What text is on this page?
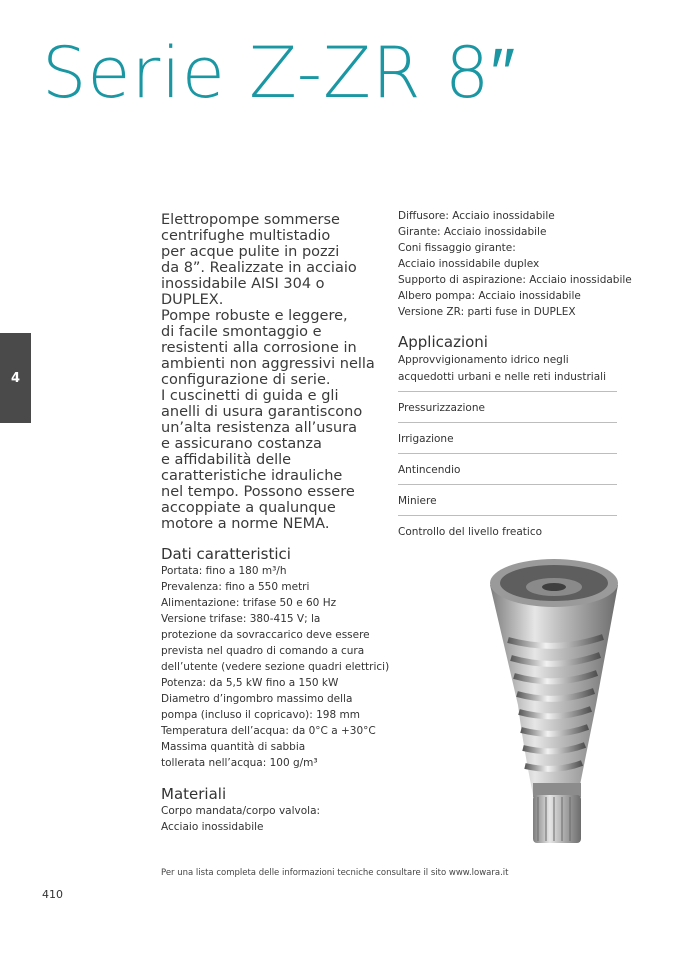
Serie Z-ZR 8″
4
Elettropompe sommerse
centrifughe multistadio
per acque pulite in pozzi
da 8”. Realizzate in acciaio
inossidabile AISI 304 o
DUPLEX.
Pompe robuste e leggere,
di facile smontaggio e
resistenti alla corrosione in
ambienti non aggressivi nella
configurazione di serie.
I cuscinetti di guida e gli
anelli di usura garantiscono
un’alta resistenza all’usura
e assicurano costanza
e affidabilità delle
caratteristiche idrauliche
nel tempo. Possono essere
accoppiate a qualunque
motore a norme NEMA.
Dati caratteristici
Portata: fino a 180 m³/h
Prevalenza: fino a 550 metri
Alimentazione: trifase 50 e 60 Hz
Versione trifase: 380-415 V; la
protezione da sovraccarico deve essere
prevista nel quadro di comando a cura
dell’utente (vedere sezione quadri elettrici)
Potenza: da 5,5 kW fino a 150 kW
Diametro d’ingombro massimo della
pompa (incluso il copricavo): 198 mm
Temperatura dell’acqua: da 0°C a +30°C
Massima quantità di sabbia
tollerata nell’acqua: 100 g/m³
Materiali
Corpo mandata/corpo valvola:
Acciaio inossidabile
Diffusore: Acciaio inossidabile
Girante: Acciaio inossidabile
Coni fissaggio girante:
Acciaio inossidabile duplex
Supporto di aspirazione: Acciaio inossidabile
Albero pompa: Acciaio inossidabile
Versione ZR: parti fuse in DUPLEX
Applicazioni
Approvvigionamento idrico negli
acquedotti urbani e nelle reti industriali
Pressurizzazione
Irrigazione
Antincendio
Miniere
Controllo del livello freatico
Per una lista completa delle informazioni tecniche consultare il sito www.lowara.it
410
